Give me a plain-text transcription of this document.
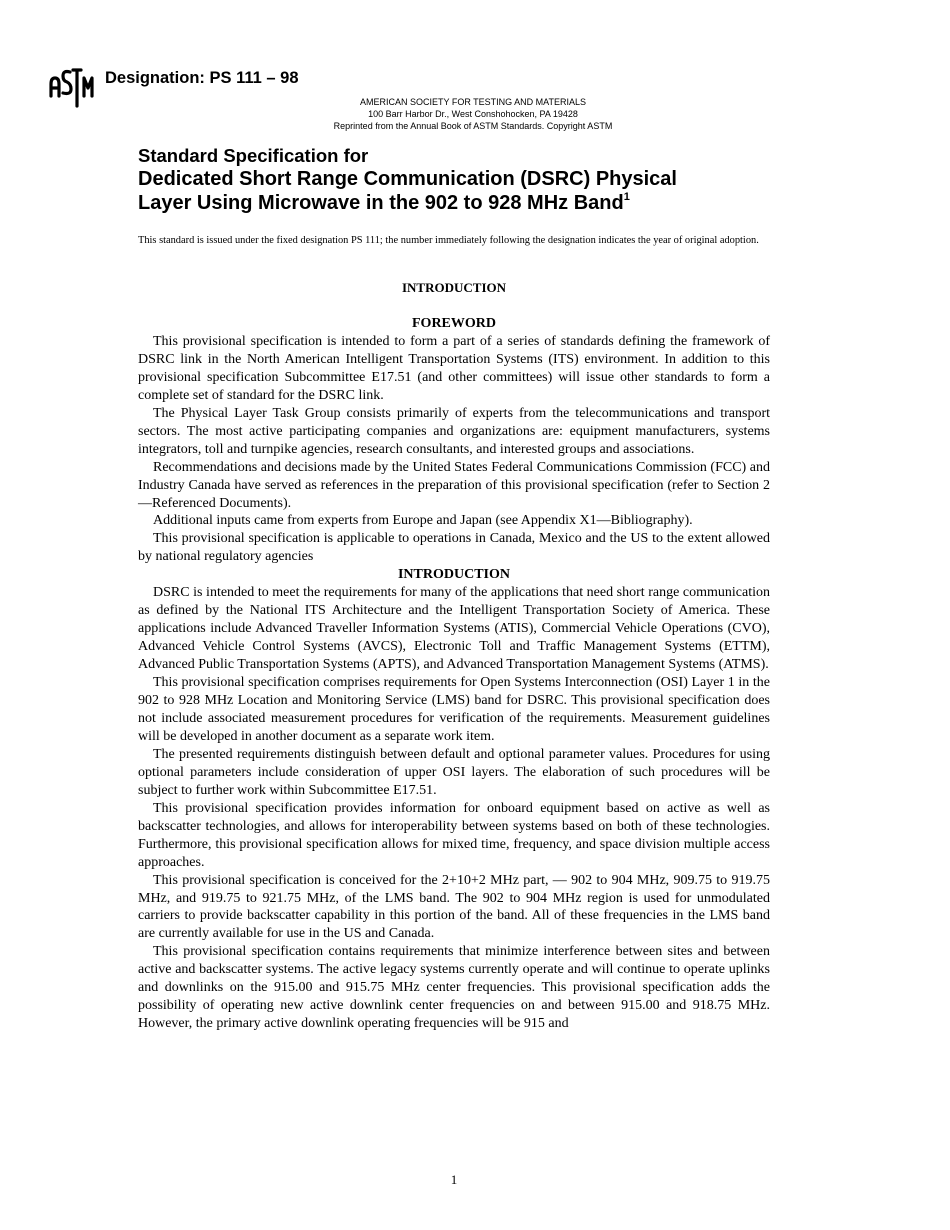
ASTM
Designation: PS 111 – 98
AMERICAN SOCIETY FOR TESTING AND MATERIALS
100 Barr Harbor Dr., West Conshohocken, PA 19428
Reprinted from the Annual Book of ASTM Standards. Copyright ASTM
Standard Specification for
Dedicated Short Range Communication (DSRC) Physical
Layer Using Microwave in the 902 to 928 MHz Band$^1$
This standard is issued under the fixed designation PS 111; the number immediately following the designation indicates the year of original adoption.
INTRODUCTION
FOREWORD

This provisional specification is intended to form a part of a series of standards defining the framework of DSRC link in the North American Intelligent Transportation Systems (ITS) environment. In addition to this provisional specification Subcommittee E17.51 (and other committees) will issue other standards to form a complete set of standard for the DSRC link.

The Physical Layer Task Group consists primarily of experts from the telecommunications and transport sectors. The most active participating companies and organizations are: equipment manufacturers, systems integrators, toll and turnpike agencies, research consultants, and interested groups and associations.

Recommendations and decisions made by the United States Federal Communications Commission (FCC) and Industry Canada have served as references in the preparation of this provisional specification (refer to Section 2—Referenced Documents).

Additional inputs came from experts from Europe and Japan (see Appendix X1—Bibliography).

This provisional specification is applicable to operations in Canada, Mexico and the US to the extent allowed by national regulatory agencies

INTRODUCTION

DSRC is intended to meet the requirements for many of the applications that need short range communication as defined by the National ITS Architecture and the Intelligent Transportation Society of America. These applications include Advanced Traveller Information Systems (ATIS), Commercial Vehicle Operations (CVO), Advanced Vehicle Control Systems (AVCS), Electronic Toll and Traffic Management Systems (ETTM), Advanced Public Transportation Systems (APTS), and Advanced Transportation Management Systems (ATMS).

This provisional specification comprises requirements for Open Systems Interconnection (OSI) Layer 1 in the 902 to 928 MHz Location and Monitoring Service (LMS) band for DSRC. This provisional specification does not include associated measurement procedures for verification of the requirements. Measurement guidelines will be developed in another document as a separate work item.

The presented requirements distinguish between default and optional parameter values. Procedures for using optional parameters include consideration of upper OSI layers. The elaboration of such procedures will be subject to further work within Subcommittee E17.51.

This provisional specification provides information for onboard equipment based on active as well as backscatter technologies, and allows for interoperability between systems based on both of these technologies. Furthermore, this provisional specification allows for mixed time, frequency, and space division multiple access approaches.

This provisional specification is conceived for the 2+10+2 MHz part, — 902 to 904 MHz, 909.75 to 919.75 MHz, and 919.75 to 921.75 MHz, of the LMS band. The 902 to 904 MHz region is used for unmodulated carriers to provide backscatter capability in this portion of the band. All of these frequencies in the LMS band are currently available for use in the US and Canada.

This provisional specification contains requirements that minimize interference between sites and between active and backscatter systems. The active legacy systems currently operate and will continue to operate uplinks and downlinks on the 915.00 and 915.75 MHz center frequencies. This provisional specification adds the possibility of operating new active downlink center frequencies on and between 915.00 and 918.75 MHz. However, the primary active downlink operating frequencies will be 915 and

1
